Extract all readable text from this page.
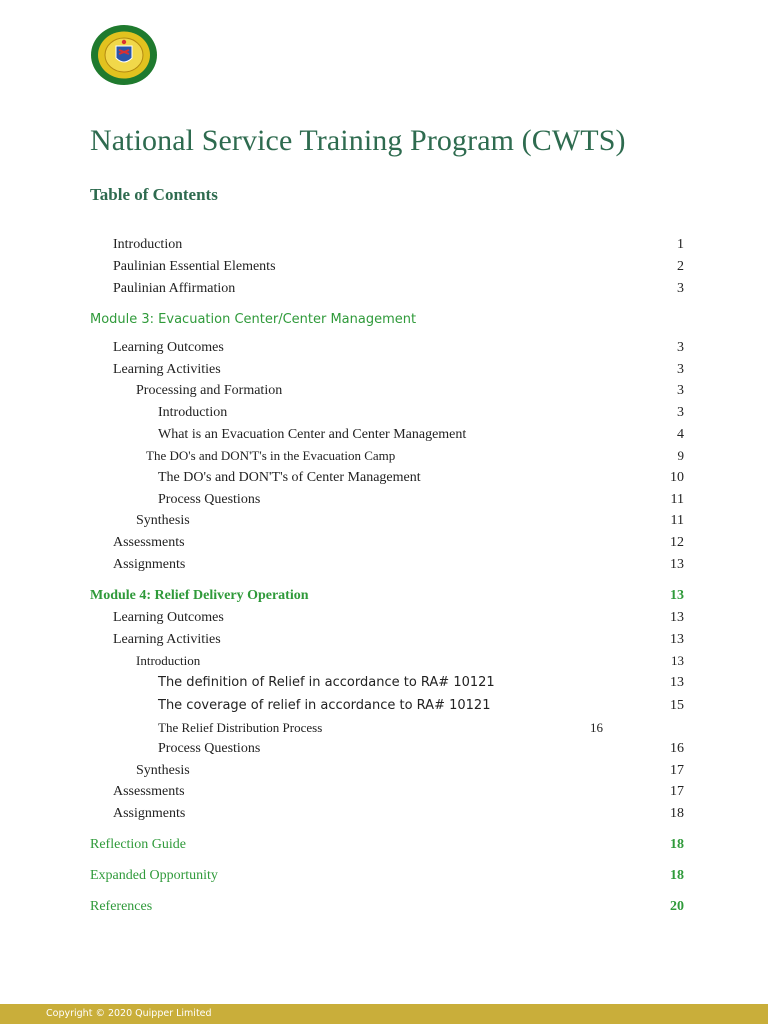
National Service Training Program (CWTS)
Table of Contents
Introduction	1
Paulinian Essential Elements	2
Paulinian Affirmation	3
Module 3: Evacuation Center/Center Management
Learning Outcomes	3
Learning Activities	3
Processing and Formation	3
Introduction	3
What is an Evacuation Center and Center Management	4
The DO's and DON'T's in the Evacuation Camp	9
The DO's and DON'T's of Center Management	10
Process Questions	11
Synthesis	11
Assessments	12
Assignments	13
Module 4: Relief Delivery Operation	13
Learning Outcomes	13
Learning Activities	13
Introduction	13
The definition of Relief in accordance to RA# 10121	13
The coverage of relief in accordance to RA# 10121	15
The Relief Distribution Process	16
Process Questions	16
Synthesis	17
Assessments	17
Assignments	18
Reflection Guide	18
Expanded Opportunity	18
References	20
Copyright © 2020 Quipper Limited
